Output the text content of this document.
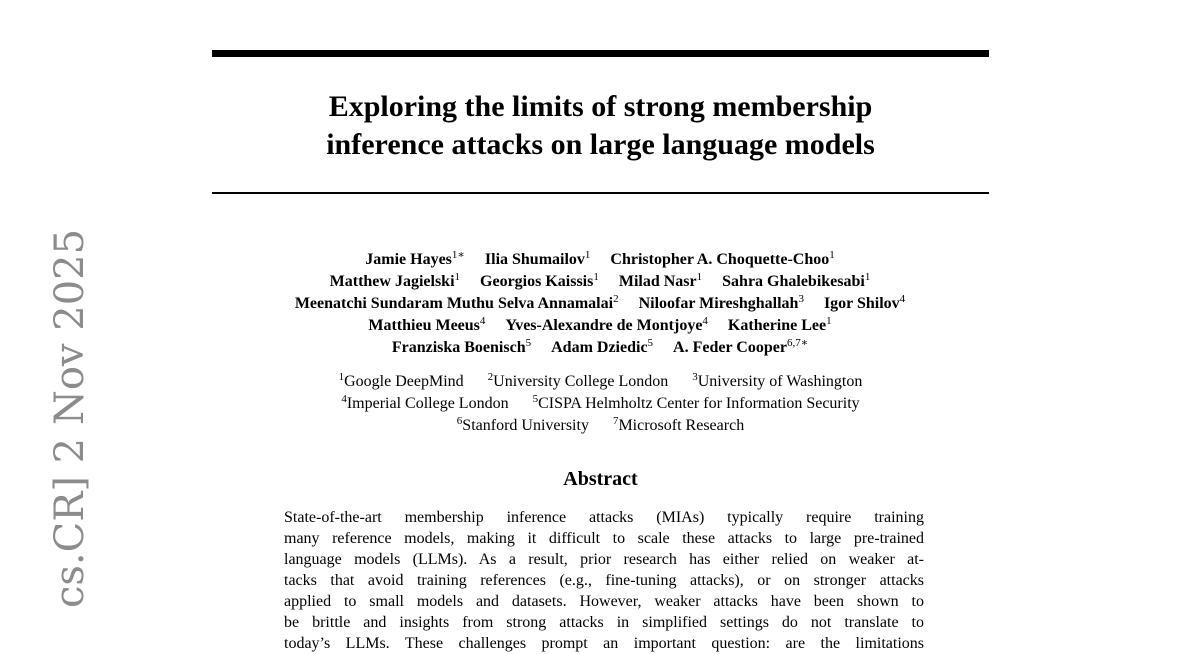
Exploring the limits of strong membership
inference attacks on large language models
Jamie Hayes$^{1∗}$ Ilia Shumailov$^1$ Christopher A. Choquette-Choo$^1$
Matthew Jagielski$^1$ Georgios Kaissis$^1$ Milad Nasr$^1$ Sahra Ghalebikesabi$^1$
Meenatchi Sundaram Muthu Selva Annamalai$^2$ Niloofar Mireshghallah$^3$ Igor Shilov$^4$
Matthieu Meeus$^4$ Yves-Alexandre de Montjoye$^4$ Katherine Lee$^1$
Franziska Boenisch$^5$ Adam Dziedic$^5$ A. Feder Cooper$^{6,7∗}$
$^1$Google DeepMind $^2$University College London $^3$University of Washington
$^4$Imperial College London $^5$CISPA Helmholtz Center for Information Security
$^6$Stanford University $^7$Microsoft Research
Abstract
State-of-the-art membership inference attacks (MIAs) typically require training
many reference models, making it difficult to scale these attacks to large pre-trained
language models (LLMs). As a result, prior research has either relied on weaker at-
tacks that avoid training references (e.g., fine-tuning attacks), or on stronger attacks
applied to small models and datasets. However, weaker attacks have been shown to
be brittle and insights from strong attacks in simplified settings do not translate to
today’s LLMs. These challenges prompt an important question: are the limitations
cs.CR] 2 Nov 2025
